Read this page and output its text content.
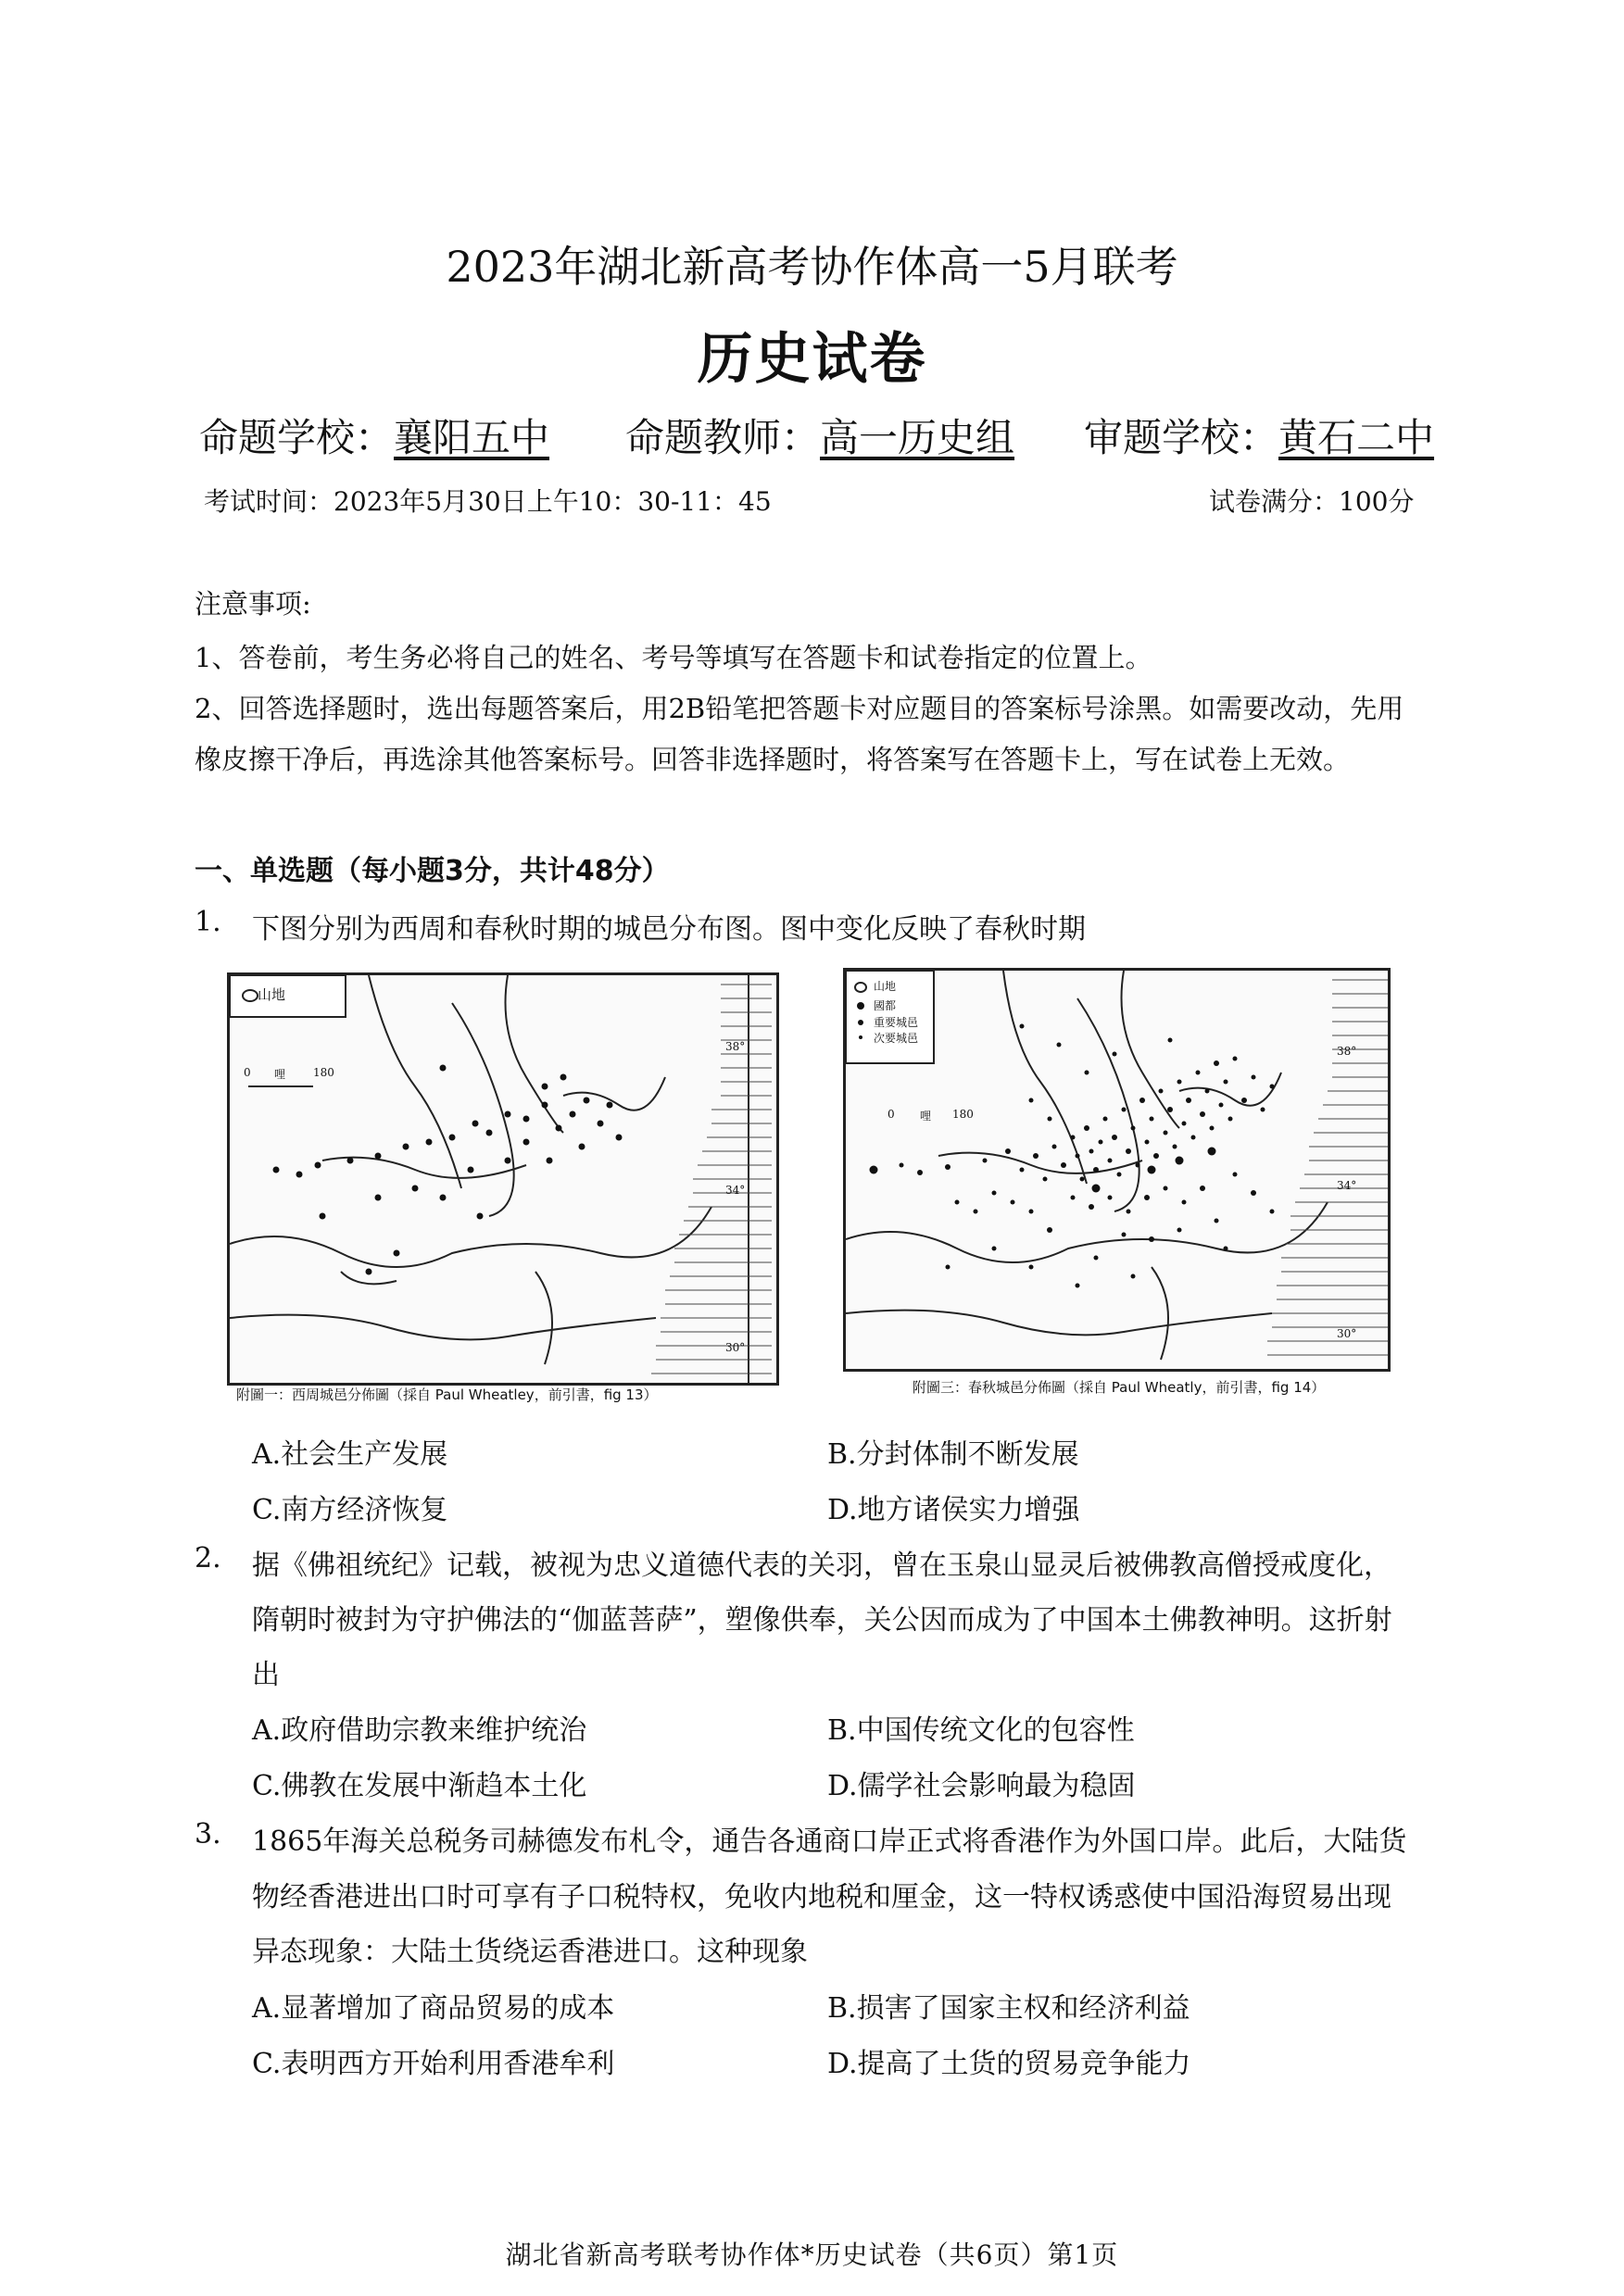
2023年湖北新高考协作体高一5月联考
历史试卷
命题学校：襄阳五中 命题教师：高一历史组 审题学校：黄石二中
考试时间：2023年5月30日上午10：30-11：45	试卷满分：100分
注意事项:
1、答卷前，考生务必将自己的姓名、考号等填写在答题卡和试卷指定的位置上。
2、回答选择题时，选出每题答案后，用2B铅笔把答题卡对应题目的答案标号涂黑。如需要改动，先用
橡皮擦干净后，再选涂其他答案标号。回答非选择题时，将答案写在答题卡上，写在试卷上无效。
一、单选题（每小题3分，共计48分）
1. 下图分别为西周和春秋时期的城邑分布图。图中变化反映了春秋时期
山地
0 哩 180
38°
34°
30°
附圖一：西周城邑分佈圖（採自 Paul Wheatley，前引書，fig 13）
山地
國都
重要城邑
次要城邑
0 哩 180
38°
34°
30°
附圖三：春秋城邑分佈圖（採自 Paul Wheatly，前引書，fig 14）
A.社会生产发展	B.分封体制不断发展
C.南方经济恢复	D.地方诸侯实力增强
2. 据《佛祖统纪》记载，被视为忠义道德代表的关羽，曾在玉泉山显灵后被佛教高僧授戒度化，
隋朝时被封为守护佛法的“伽蓝菩萨”，塑像供奉，关公因而成为了中国本土佛教神明。这折射
出
A.政府借助宗教来维护统治	B.中国传统文化的包容性
C.佛教在发展中渐趋本土化	D.儒学社会影响最为稳固
3. 1865年海关总税务司赫德发布札令，通告各通商口岸正式将香港作为外国口岸。此后，大陆货
物经香港进出口时可享有子口税特权，免收内地税和厘金，这一特权诱惑使中国沿海贸易出现
异态现象：大陆土货绕运香港进口。这种现象
A.显著增加了商品贸易的成本	B.损害了国家主权和经济利益
C.表明西方开始利用香港牟利	D.提高了土货的贸易竞争能力
湖北省新高考联考协作体*历史试卷（共6页）第1页
